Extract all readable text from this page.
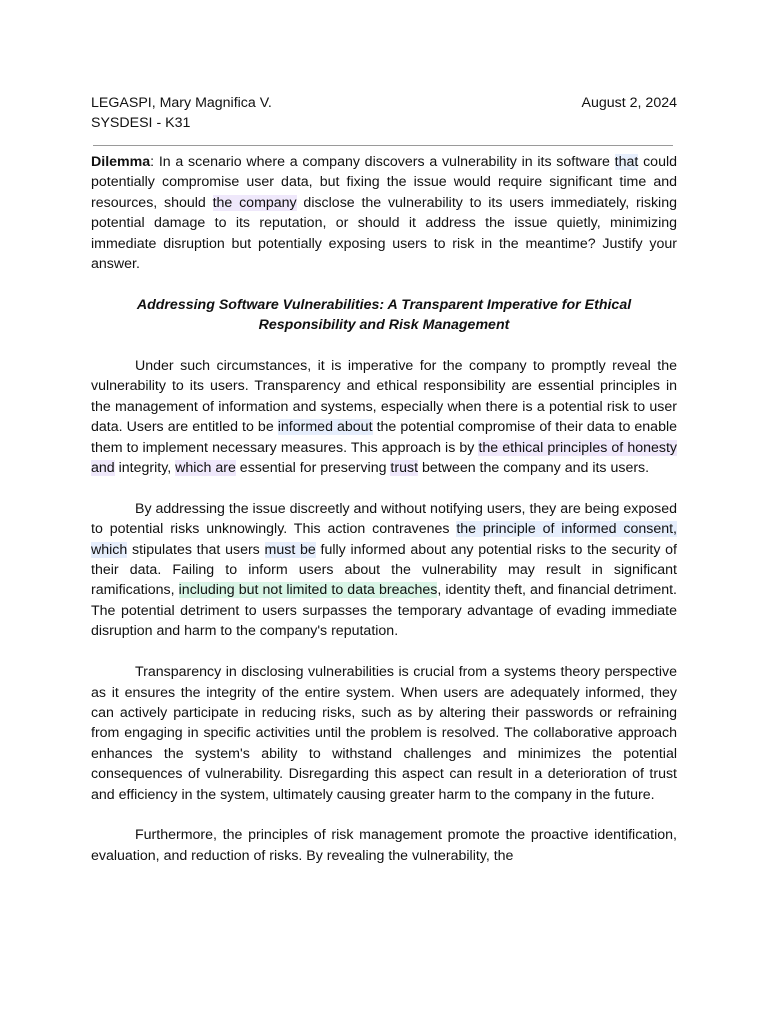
LEGASPI, Mary Magnifica V.	August 2, 2024
SYSDESI - K31

Dilemma: In a scenario where a company discovers a vulnerability in its software that could potentially compromise user data, but fixing the issue would require significant time and resources, should the company disclose the vulnerability to its users immediately, risking potential damage to its reputation, or should it address the issue quietly, minimizing immediate disruption but potentially exposing users to risk in the meantime? Justify your answer.

Addressing Software Vulnerabilities: A Transparent Imperative for Ethical Responsibility and Risk Management

Under such circumstances, it is imperative for the company to promptly reveal the vulnerability to its users. Transparency and ethical responsibility are essential principles in the management of information and systems, especially when there is a potential risk to user data. Users are entitled to be informed about the potential compromise of their data to enable them to implement necessary measures. This approach is by the ethical principles of honesty and integrity, which are essential for preserving trust between the company and its users.

By addressing the issue discreetly and without notifying users, they are being exposed to potential risks unknowingly. This action contravenes the principle of informed consent, which stipulates that users must be fully informed about any potential risks to the security of their data. Failing to inform users about the vulnerability may result in significant ramifications, including but not limited to data breaches, identity theft, and financial detriment. The potential detriment to users surpasses the temporary advantage of evading immediate disruption and harm to the company's reputation.

Transparency in disclosing vulnerabilities is crucial from a systems theory perspective as it ensures the integrity of the entire system. When users are adequately informed, they can actively participate in reducing risks, such as by altering their passwords or refraining from engaging in specific activities until the problem is resolved. The collaborative approach enhances the system's ability to withstand challenges and minimizes the potential consequences of vulnerability. Disregarding this aspect can result in a deterioration of trust and efficiency in the system, ultimately causing greater harm to the company in the future.

Furthermore, the principles of risk management promote the proactive identification, evaluation, and reduction of risks. By revealing the vulnerability, the
